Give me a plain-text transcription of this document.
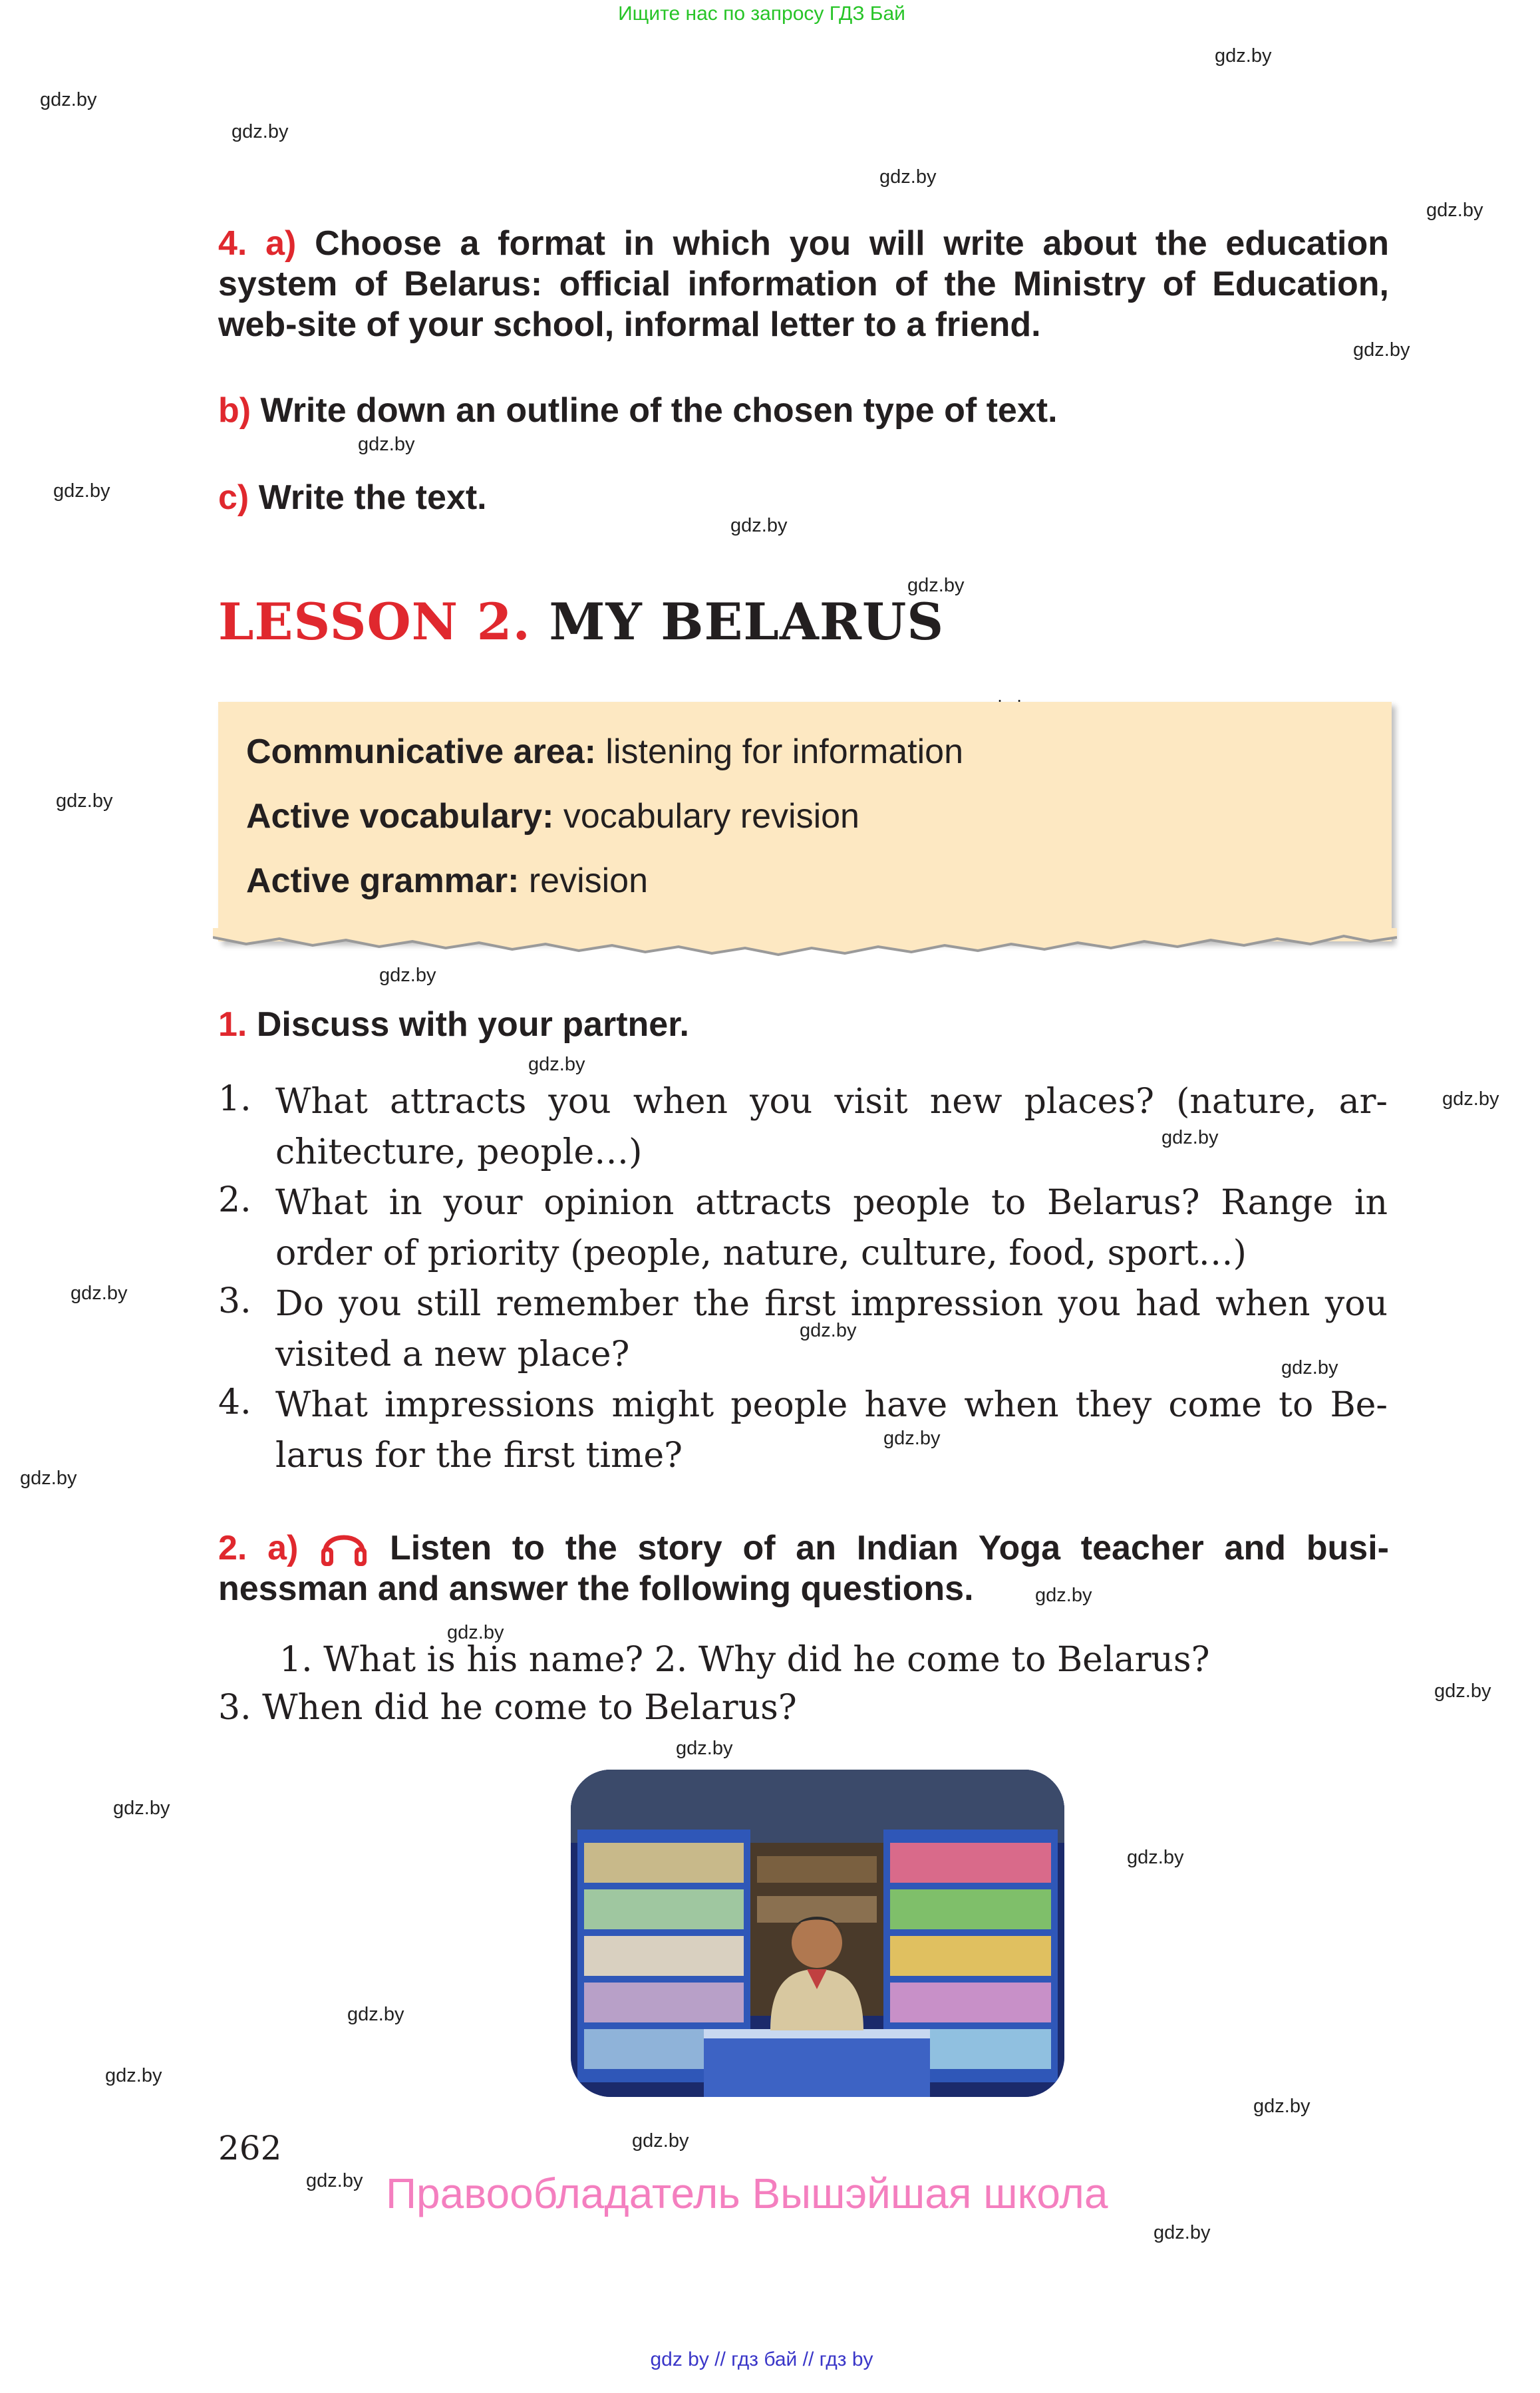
Ищите нас по запросу ГДЗ Бай
gdz.by
gdz.by
gdz.by
gdz.by
gdz.by
gdz.by
gdz.by
gdz.by
gdz.by
gdz.by
gdz.by
gdz.by
gdz.by
gdz.by
gdz.by
gdz.by
gdz.by
gdz.by
gdz.by
gdz.by
gdz.by
gdz.by
gdz.by
gdz.by
gdz.by
gdz.by
gdz.by
gdz.by
gdz.by
gdz.by
gdz.by
gdz.by
4. a) Choose a format in which you will write about the education system of Belarus: official information of the Ministry of Education, web-site of your school, informal letter to a friend.
b) Write down an outline of the chosen type of text.
c) Write the text.
LESSON 2. MY BELARUS
Communicative area: listening for information
Active vocabulary: vocabulary revision
Active grammar: revision
1. Discuss with your partner.
1. What attracts you when you visit new places? (nature, ar- chitecture, people…)
2. What in your opinion attracts people to Belarus? Range in order of priority (people, nature, culture, food, sport…)
3. Do you still remember the first impression you had when you visited a new place?
4. What impressions might people have when they come to Be- larus for the first time?
2. a)	Listen to the story of an Indian Yoga teacher and busi- nessman and answer the following questions.
1. What is his name? 2. Why did he come to Belarus?
3. When did he come to Belarus?
262
Правообладатель Вышэйшая школа
gdz by // гдз бай // гдз by
